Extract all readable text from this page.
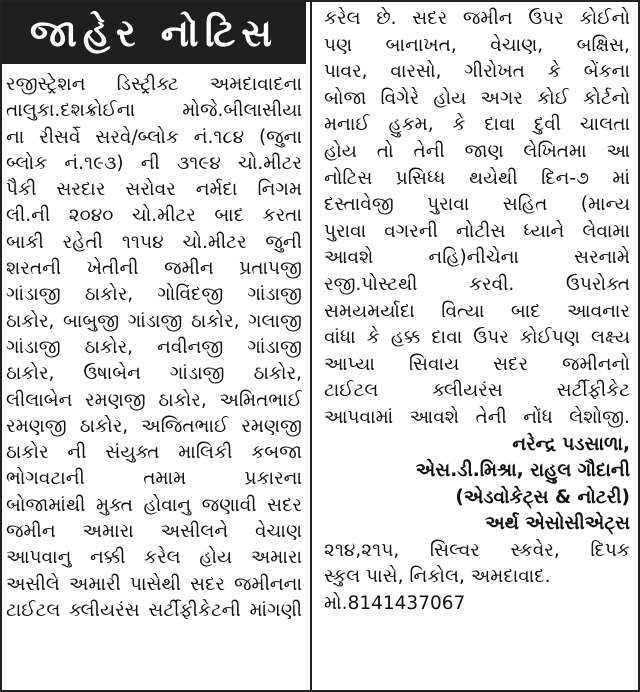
જાહેર નોટિસ
રજીસ્ટ્રેશન ડિસ્ટ્રીક્ટ અમદાવાદના
તાલુકા.દશક્રોઈના મોજે.બીલાસીયા
ના રીસર્વે સરવે/બ્લોક નં.૧૮૪ (જુના
બ્લોક નં.૧૯૩) ની ૩૧૯૪ ચો.મીટર
પૈકી સરદાર સરોવર નર્મદા નિગમ
લી.ની ૨૦૪૦ ચો.મીટર બાદ કરતા
બાકી રહેતી ૧૧૫૪ ચો.મીટર જુની
શરતની ખેતીની જમીન પ્રતાપજી
ગાંડાજી ઠાકોર, ગોવિંદજી ગાંડાજી
ઠાકોર, બાબુજી ગાંડાજી ઠાકોર, ગલાજી
ગાંડાજી ઠાકોર, નવીનજી ગાંડાજી
ઠાકોર, ઉષાબેન ગાંડાજી ઠાકોર,
લીલાબેન રમણજી ઠાકોર, અમિતભાઈ
રમણજી ઠાકોર, અજિતભાઈ રમણજી
ઠાકોર ની સંયુક્ત માલિકી કબજા
ભોગવટાની તમામ પ્રકારના
બોજામાંથી મુક્ત હોવાનુ જણાવી સદર
જમીન અમારા અસીલને વેચાણ
આપવાનુ નક્કી કરેલ હોય અમારા
અસીલે અમારી પાસેથી સદર જમીનના
ટાઈટલ ક્લીયરંસ સર્ટીફીકેટની માંગણી
કરેલ છે. સદર જમીન ઉપર કોઈનો
પણ બાનાખત, વેચાણ, બક્ષિસ,
પાવર, વારસો, ગીરોખત કે બેંકના
બોજા વિગેરે હોય અગર કોઈ કોર્ટનો
મનાઈ હુકમ, કે દાવા દુવી ચાલતા
હોય તો તેની જાણ લેખિતમા આ
નોટિસ પ્રસિધ્ધ થયેથી દિન-૭ માં
દસ્તાવેજી પુરાવા સહિત (માન્ય
પુરાવા વગરની નોટીસ ધ્યાને લેવામા
આવશે નહિ)નીચેના સરનામે
રજી.પોસ્ટથી કરવી. ઉપરોક્ત
સમયમર્યાદા વિત્યા બાદ આવનાર
વાંધા કે હક્ક દાવા ઉપર કોઈપણ લક્ષ્ય
આપ્યા સિવાય સદર જમીનનો
ટાઈટલ ક્લીયરંસ સર્ટીફીકેટ
આપવામાં આવશે તેની નોંધ લેશોજી.
નરેન્દ્ર પડસાળા,
એસ.ડી.મિશ્રા, રાહુલ ગૌદાની
(એડવોકેટ્સ & નોટરી)
અર્થ એસોસીએટ્સ
૨૧૪,૨૧૫, સિલ્વર સ્કવેર, દિપક
સ્કુલ પાસે, નિકોલ, અમદાવાદ.
મો.8141437067
